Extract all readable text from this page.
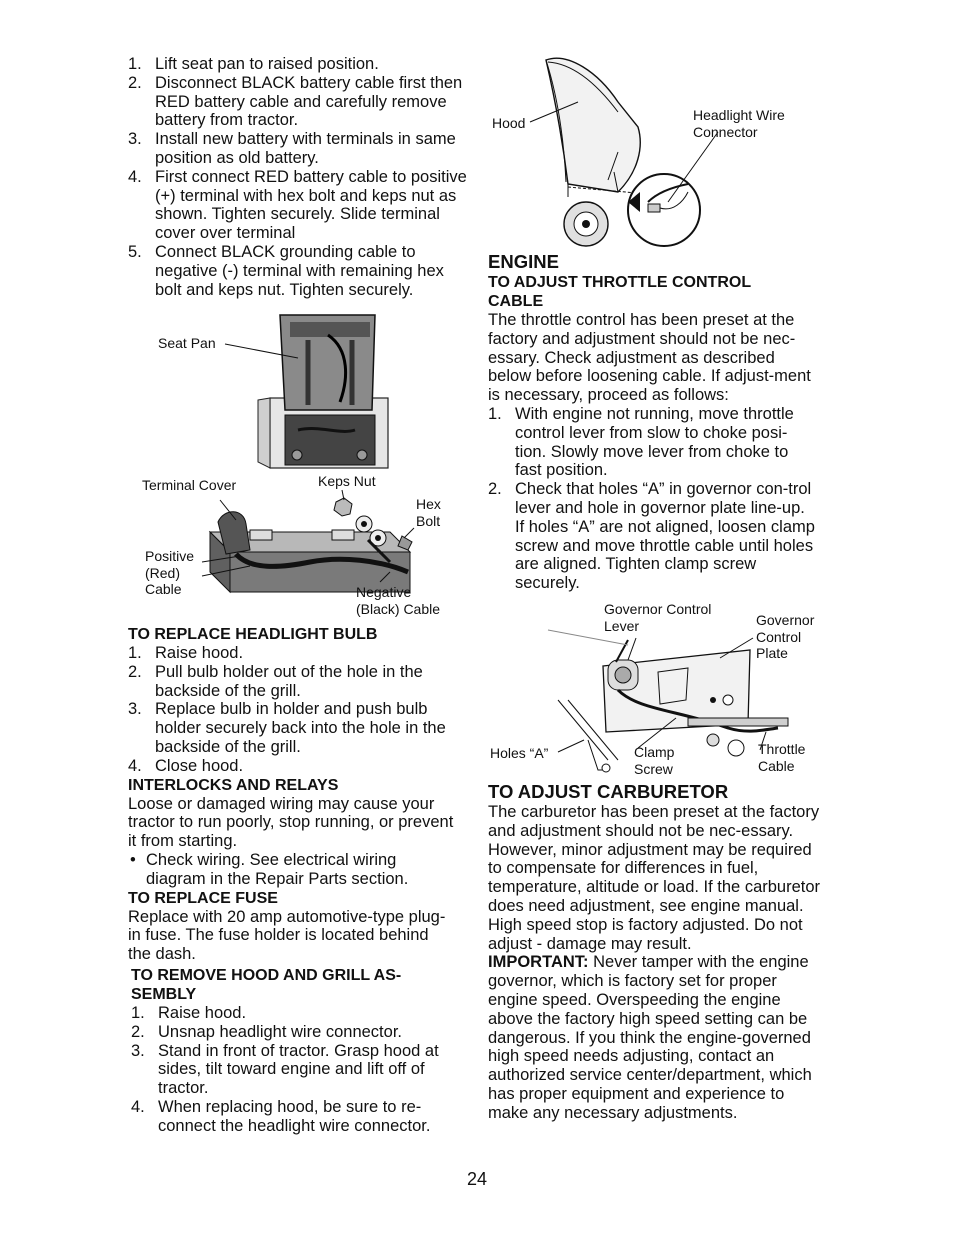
1. Lift seat pan to raised position.
2. Disconnect BLACK battery cable first then RED battery cable and carefully remove battery from tractor.
3. Install new battery with terminals in same position as old battery.
4. First connect RED battery cable to positive (+) terminal with hex bolt and keps nut as shown. Tighten securely. Slide terminal cover over terminal
5. Connect BLACK grounding cable to negative (-) terminal with remaining hex bolt and keps nut. Tighten securely.
Seat Pan
Terminal Cover	Keps Nut
Hex Bolt
Positive (Red) Cable	Negative (Black) Cable
TO REPLACE HEADLIGHT BULB
1. Raise hood.
2. Pull bulb holder out of the hole in the backside of the grill.
3. Replace bulb in holder and push bulb holder securely back into the hole in the backside of the grill.
4. Close hood.
INTERLOCKS AND RELAYS

Loose or damaged wiring may cause your tractor to run poorly, stop running, or prevent it from starting.

• Check wiring. See electrical wiring diagram in the Repair Parts section.
TO REPLACE FUSE

Replace with 20 amp automotive-type plug-in fuse. The fuse holder is located behind the dash.

TO REMOVE HOOD AND GRILL AS-SEMBLY
1. Raise hood.
2. Unsnap headlight wire connector.
3. Stand in front of tractor. Grasp hood at sides, tilt toward engine and lift off of tractor.
4. When replacing hood, be sure to re-connect the headlight wire connector.
Hood	Headlight Wire Connector
ENGINE
TO ADJUST THROTTLE CONTROL CABLE

The throttle control has been preset at the factory and adjustment should not be nec-essary. Check adjustment as described below before loosening cable. If adjust-ment is necessary, proceed as follows:

1. With engine not running, move throttle control lever from slow to choke posi-tion. Slowly move lever from choke to fast position.
2. Check that holes “A” in governor con-trol lever and hole in governor plate line-up. If holes “A” are not aligned, loosen clamp screw and move throttle cable until holes are aligned. Tighten clamp screw securely.
Governor Control Lever	Governor Control Plate
Holes “A”	Clamp Screw
Throttle Cable
TO ADJUST CARBURETOR

The carburetor has been preset at the factory and adjustment should not be nec-essary. However, minor adjustment may be required to compensate for differences in fuel, temperature, altitude or load. If the carburetor does need adjustment, see engine manual.

High speed stop is factory adjusted. Do not adjust - damage may result.

IMPORTANT: Never tamper with the engine governor, which is factory set for proper engine speed. Overspeeding the engine above the factory high speed setting can be dangerous. If you think the engine-governed high speed needs adjusting, contact an authorized service center/department, which has proper equipment and experience to make any necessary adjustments.

24
